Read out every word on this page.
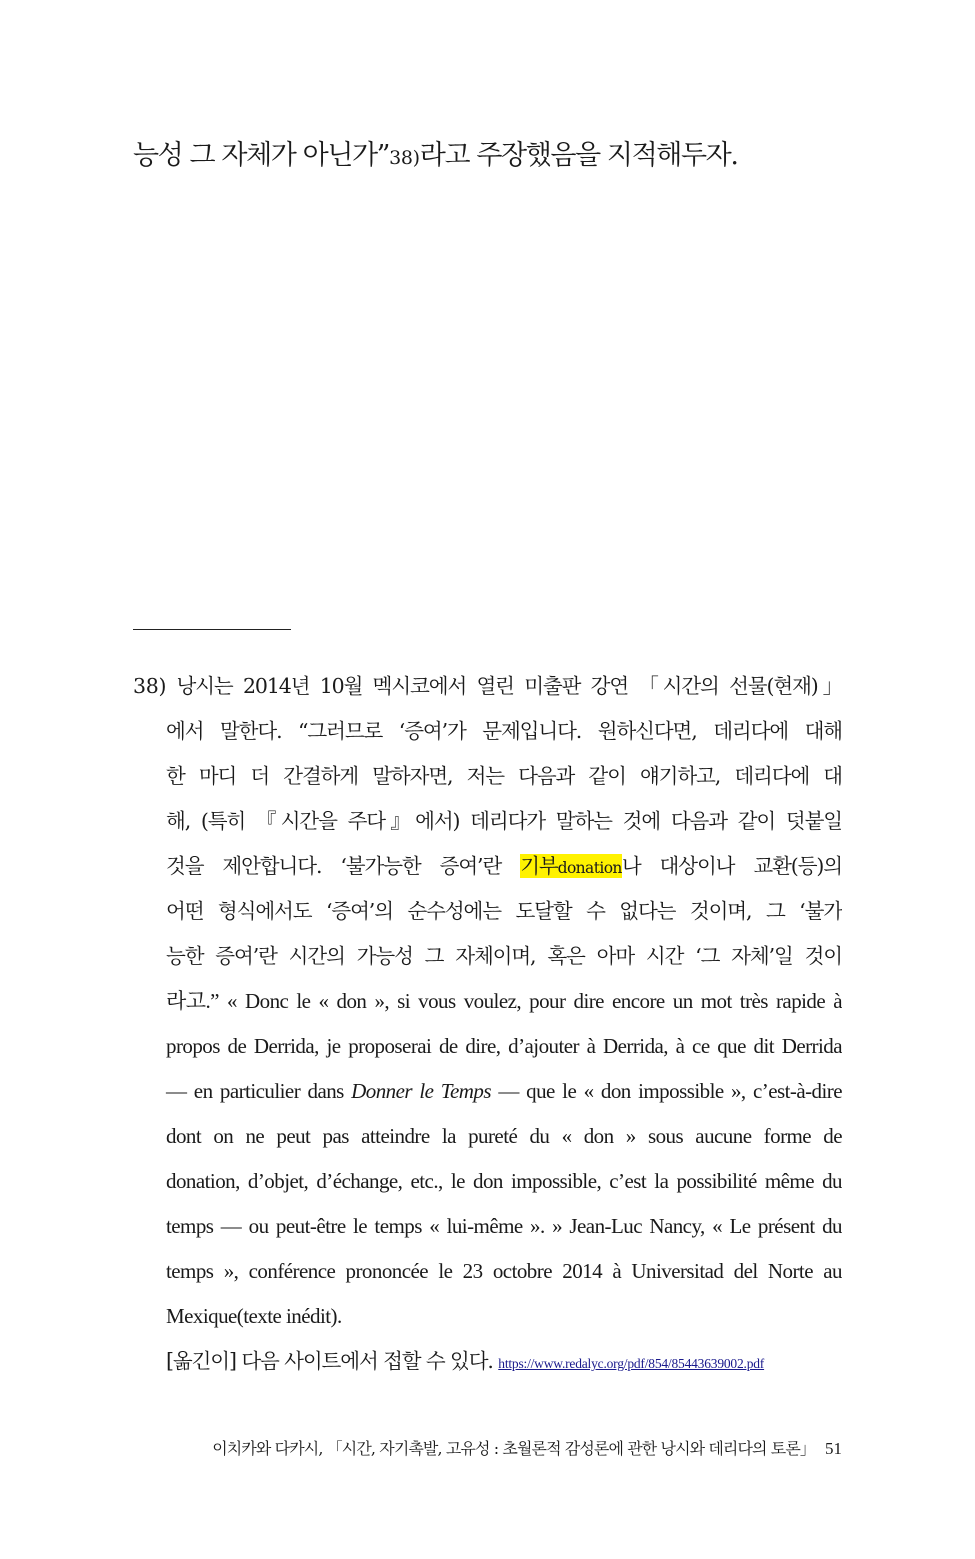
능성 그 자체가 아닌가”38)라고 주장했음을 지적해두자.
38) 낭시는 2014년 10월 멕시코에서 열린 미출판 강연 「시간의 선물(현재)」
에서 말한다. “그러므로 ‘증여’가 문제입니다. 원하신다면, 데리다에 대해
한 마디 더 간결하게 말하자면, 저는 다음과 같이 얘기하고, 데리다에 대
해, (특히 『시간을 주다』에서) 데리다가 말하는 것에 다음과 같이 덧붙일
것을 제안합니다. ‘불가능한 증여’란 기부donation나 대상이나 교환(등)의
어떤 형식에서도 ‘증여’의 순수성에는 도달할 수 없다는 것이며, 그 ‘불가
능한 증여’란 시간의 가능성 그 자체이며, 혹은 아마 시간 ‘그 자체’일 것이
라고.” « Donc le « don », si vous voulez, pour dire encore un mot très rapide à
propos de Derrida, je proposerai de dire, d’ajouter à Derrida, à ce que dit Derrida
— en particulier dans Donner le Temps — que le « don impossible », c’est-à-dire
dont on ne peut pas atteindre la pureté du « don » sous aucune forme de
donation, d’objet, d’échange, etc., le don impossible, c’est la possibilité même du
temps — ou peut-être le temps « lui-même ». » Jean-Luc Nancy, « Le présent du
temps », conférence prononcée le 23 octobre 2014 à Universitad del Norte au
Mexique(texte inédit).
[옮긴이] 다음 사이트에서 접할 수 있다. https://www.redalyc.org/pdf/854/85443639002.pdf
이치카와 다카시, 「시간, 자기촉발, 고유성 : 초월론적 감성론에 관한 낭시와 데리다의 토론」 51
